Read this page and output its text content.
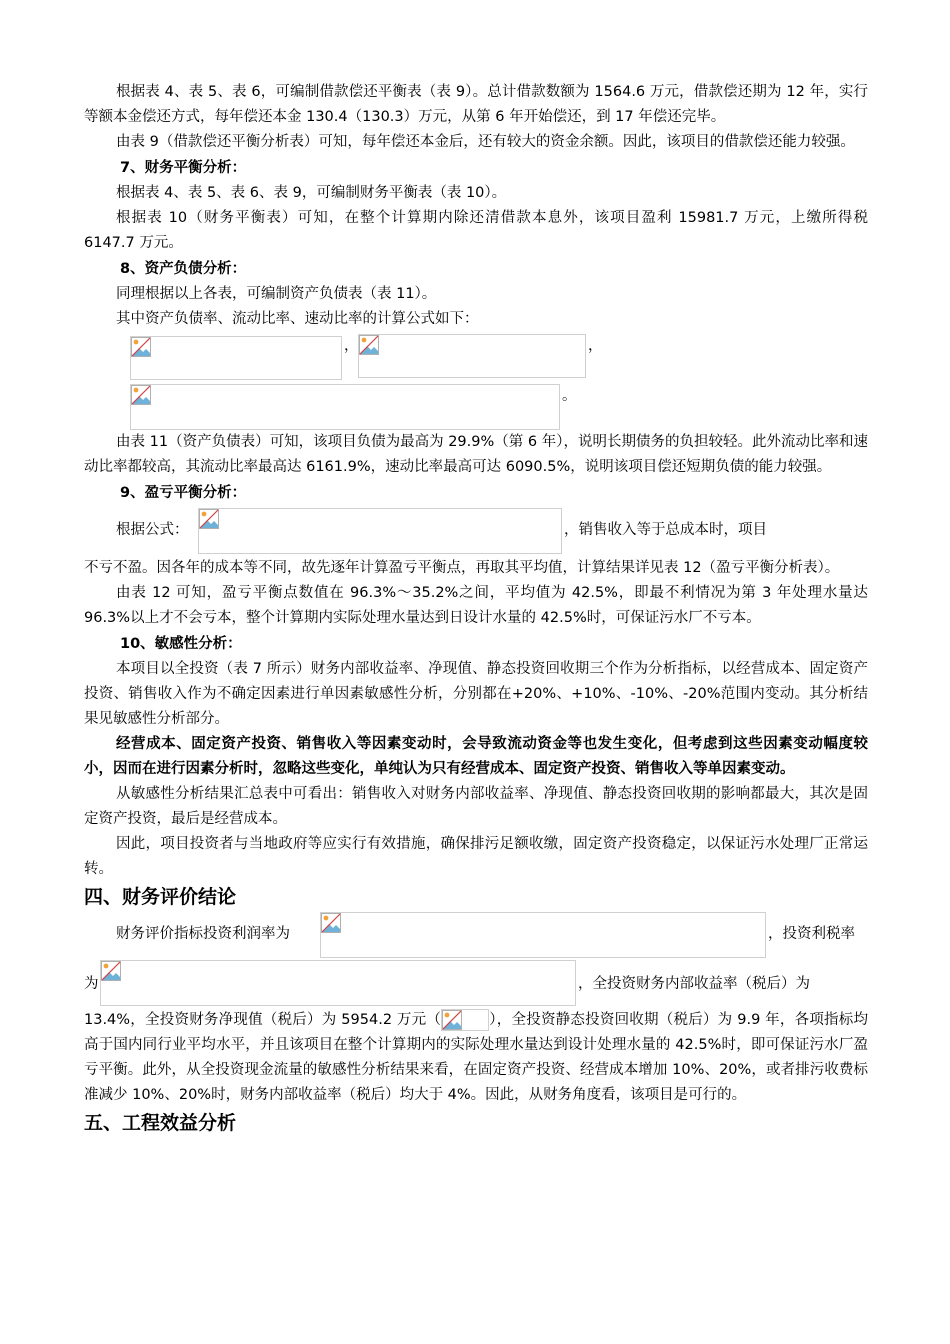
根据表 4、表 5、表 6，可编制借款偿还平衡表（表 9）。总计借款数额为 1564.6 万元，借款偿还期为 12 年，实行等额本金偿还方式，每年偿还本金 130.4（130.3）万元，从第 6 年开始偿还，到 17 年偿还完毕。

由表 9（借款偿还平衡分析表）可知，每年偿还本金后，还有较大的资金余额。因此，该项目的借款偿还能力较强。

7、财务平衡分析：

根据表 4、表 5、表 6、表 9，可编制财务平衡表（表 10）。

根据表 10（财务平衡表）可知，在整个计算期内除还清借款本息外，该项目盈利 15981.7 万元，上缴所得税 6147.7 万元。

8、资产负债分析：

同理根据以上各表，可编制资产负债表（表 11）。

其中资产负债率、流动比率、速动比率的计算公式如下：

，	，
。

由表 11（资产负债表）可知，该项目负债为最高为 29.9%（第 6 年），说明长期债务的负担较轻。此外流动比率和速动比率都较高，其流动比率最高达 6161.9%，速动比率最高可达 6090.5%，说明该项目偿还短期负债的能力较强。

9、盈亏平衡分析：

根据公式：	，销售收入等于总成本时，项目

不亏不盈。因各年的成本等不同，故先逐年计算盈亏平衡点，再取其平均值，计算结果详见表 12（盈亏平衡分析表）。

由表 12 可知，盈亏平衡点数值在 96.3%～35.2%之间，平均值为 42.5%，即最不利情况为第 3 年处理水量达 96.3%以上才不会亏本，整个计算期内实际处理水量达到日设计水量的 42.5%时，可保证污水厂不亏本。

10、敏感性分析：

本项目以全投资（表 7 所示）财务内部收益率、净现值、静态投资回收期三个作为分析指标，以经营成本、固定资产投资、销售收入作为不确定因素进行单因素敏感性分析，分别都在+20%、+10%、-10%、-20%范围内变动。其分析结果见敏感性分析部分。

经营成本、固定资产投资、销售收入等因素变动时，会导致流动资金等也发生变化，但考虑到这些因素变动幅度较小，因而在进行因素分析时，忽略这些变化，单纯认为只有经营成本、固定资产投资、销售收入等单因素变动。

从敏感性分析结果汇总表中可看出：销售收入对财务内部收益率、净现值、静态投资回收期的影响都最大，其次是固定资产投资，最后是经营成本。

因此，项目投资者与当地政府等应实行有效措施，确保排污足额收缴，固定资产投资稳定，以保证污水处理厂正常运转。

四、财务评价结论
财务评价指标投资利润率为	，投资利税率
为	，全投资财务内部收益率（税后）为

13.4%，全投资财务净现值（税后）为 5954.2 万元（	），全投资静态投资回收期（税后）为 9.9 年，各项指标均高于国内同行业平均水平，并且该项目在整个计算期内的实际处理水量达到设计处理水量的 42.5%时，即可保证污水厂盈亏平衡。此外，从全投资现金流量的敏感性分析结果来看，在固定资产投资、经营成本增加 10%、20%，或者排污收费标准减少 10%、20%时，财务内部收益率（税后）均大于 4%。因此，从财务角度看，该项目是可行的。

五、工程效益分析
